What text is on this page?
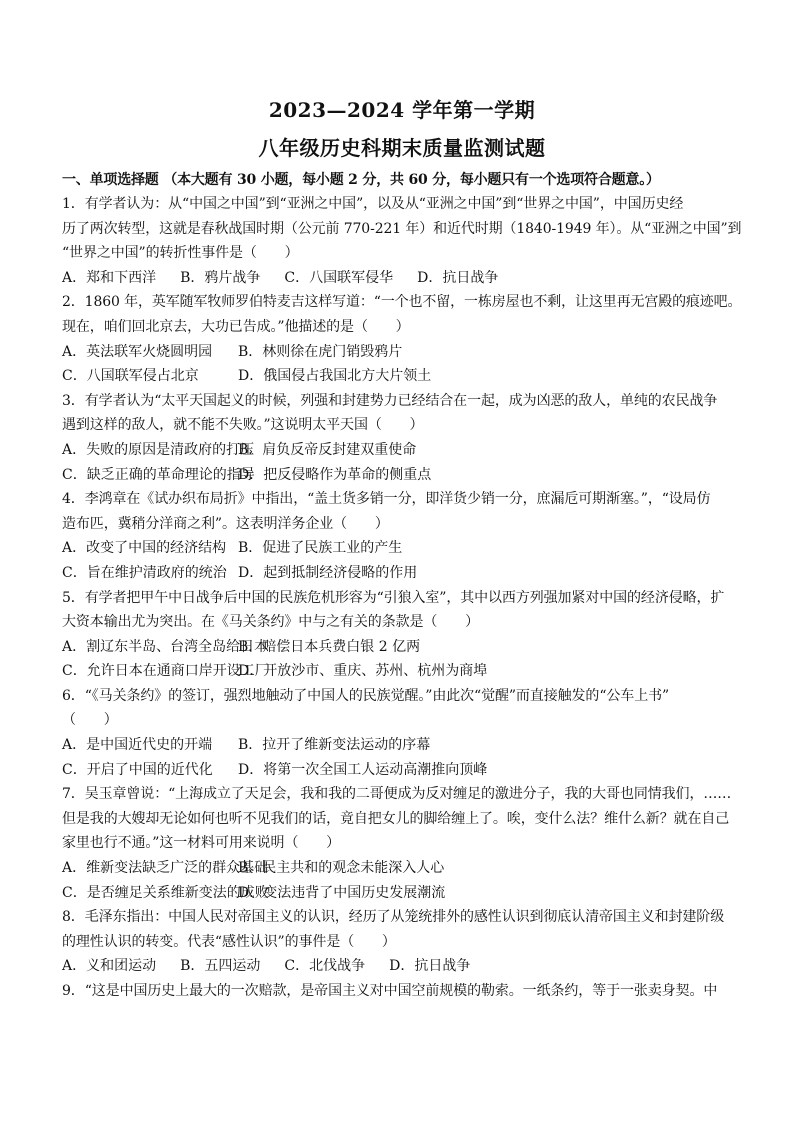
2023—2024 学年第一学期
八年级历史科期末质量监测试题
一、单项选择题 （本大题有 30 小题，每小题 2 分，共 60 分，每小题只有一个选项符合题意。）
1．有学者认为：从“中国之中国”到“亚洲之中国”，以及从“亚洲之中国”到“世界之中国”，中国历史经
历了两次转型，这就是春秋战国时期（公元前 770-221 年）和近代时期（1840-1949 年）。从“亚洲之中国”到
“世界之中国”的转折性事件是（　　）
A．郑和下西洋 B．鸦片战争 C．八国联军侵华 D．抗日战争
2．1860 年，英军随军牧师罗伯特麦吉这样写道：“一个也不留，一栋房屋也不剩，让这里再无宫殿的痕迹吧。
现在，咱们回北京去，大功已告成。”他描述的是（　　）
A．英法联军火烧圆明园 B．林则徐在虎门销毁鸦片
C．八国联军侵占北京	D．俄国侵占我国北方大片领土
3．有学者认为“太平天国起义的时候，列强和封建势力已经结合在一起，成为凶恶的敌人，单纯的农民战争
遇到这样的敌人，就不能不失败。”这说明太平天国（　　）
A．失败的原因是清政府的打压B．肩负反帝反封建双重使命
C．缺乏正确的革命理论的指导D．把反侵略作为革命的侧重点
4．李鸿章在《试办织布局折》中指出，“盖土货多销一分，即洋货少销一分，庶漏卮可期渐塞。”，“设局仿
造布匹，冀稍分洋商之利”。这表明洋务企业（　　）
A．改变了中国的经济结构 B．促进了民族工业的产生
C．旨在维护清政府的统治 D．起到抵制经济侵略的作用
5．有学者把甲午中日战争后中国的民族危机形容为“引狼入室”，其中以西方列强加紧对中国的经济侵略，扩
大资本输出尤为突出。在《马关条约》中与之有关的条款是（　　）
A．割辽东半岛、台湾全岛给日本B．赔偿日本兵费白银 2 亿两
C．允许日本在通商口岸开设工厂D．开放沙市、重庆、苏州、杭州为商埠
6．“《马关条约》的签订，强烈地触动了中国人的民族觉醒。”由此次“觉醒”而直接触发的“公车上书”
（　　）
A．是中国近代史的开端 B．拉开了维新变法运动的序幕
C．开启了中国的近代化 D．将第一次全国工人运动高潮推向顶峰
7．吴玉章曾说：“上海成立了天足会，我和我的二哥便成为反对缠足的激进分子，我的大哥也同情我们，……
但是我的大嫂却无论如何也听不见我们的话，竟自把女儿的脚给缠上了。唉，变什么法？维什么新？就在自己
家里也行不通。”这一材料可用来说明（　　）
A．维新变法缺乏广泛的群众基础B．民主共和的观念未能深入人心
C．是否缠足关系维新变法的成败D．变法违背了中国历史发展潮流
8．毛泽东指出：中国人民对帝国主义的认识，经历了从笼统排外的感性认识到彻底认清帝国主义和封建阶级
的理性认识的转变。代表“感性认识”的事件是（　　）
A．义和团运动 B．五四运动 C．北伐战争 D．抗日战争
9．“这是中国历史上最大的一次赔款，是帝国主义对中国空前规模的勒索。一纸条约，等于一张卖身契。中
